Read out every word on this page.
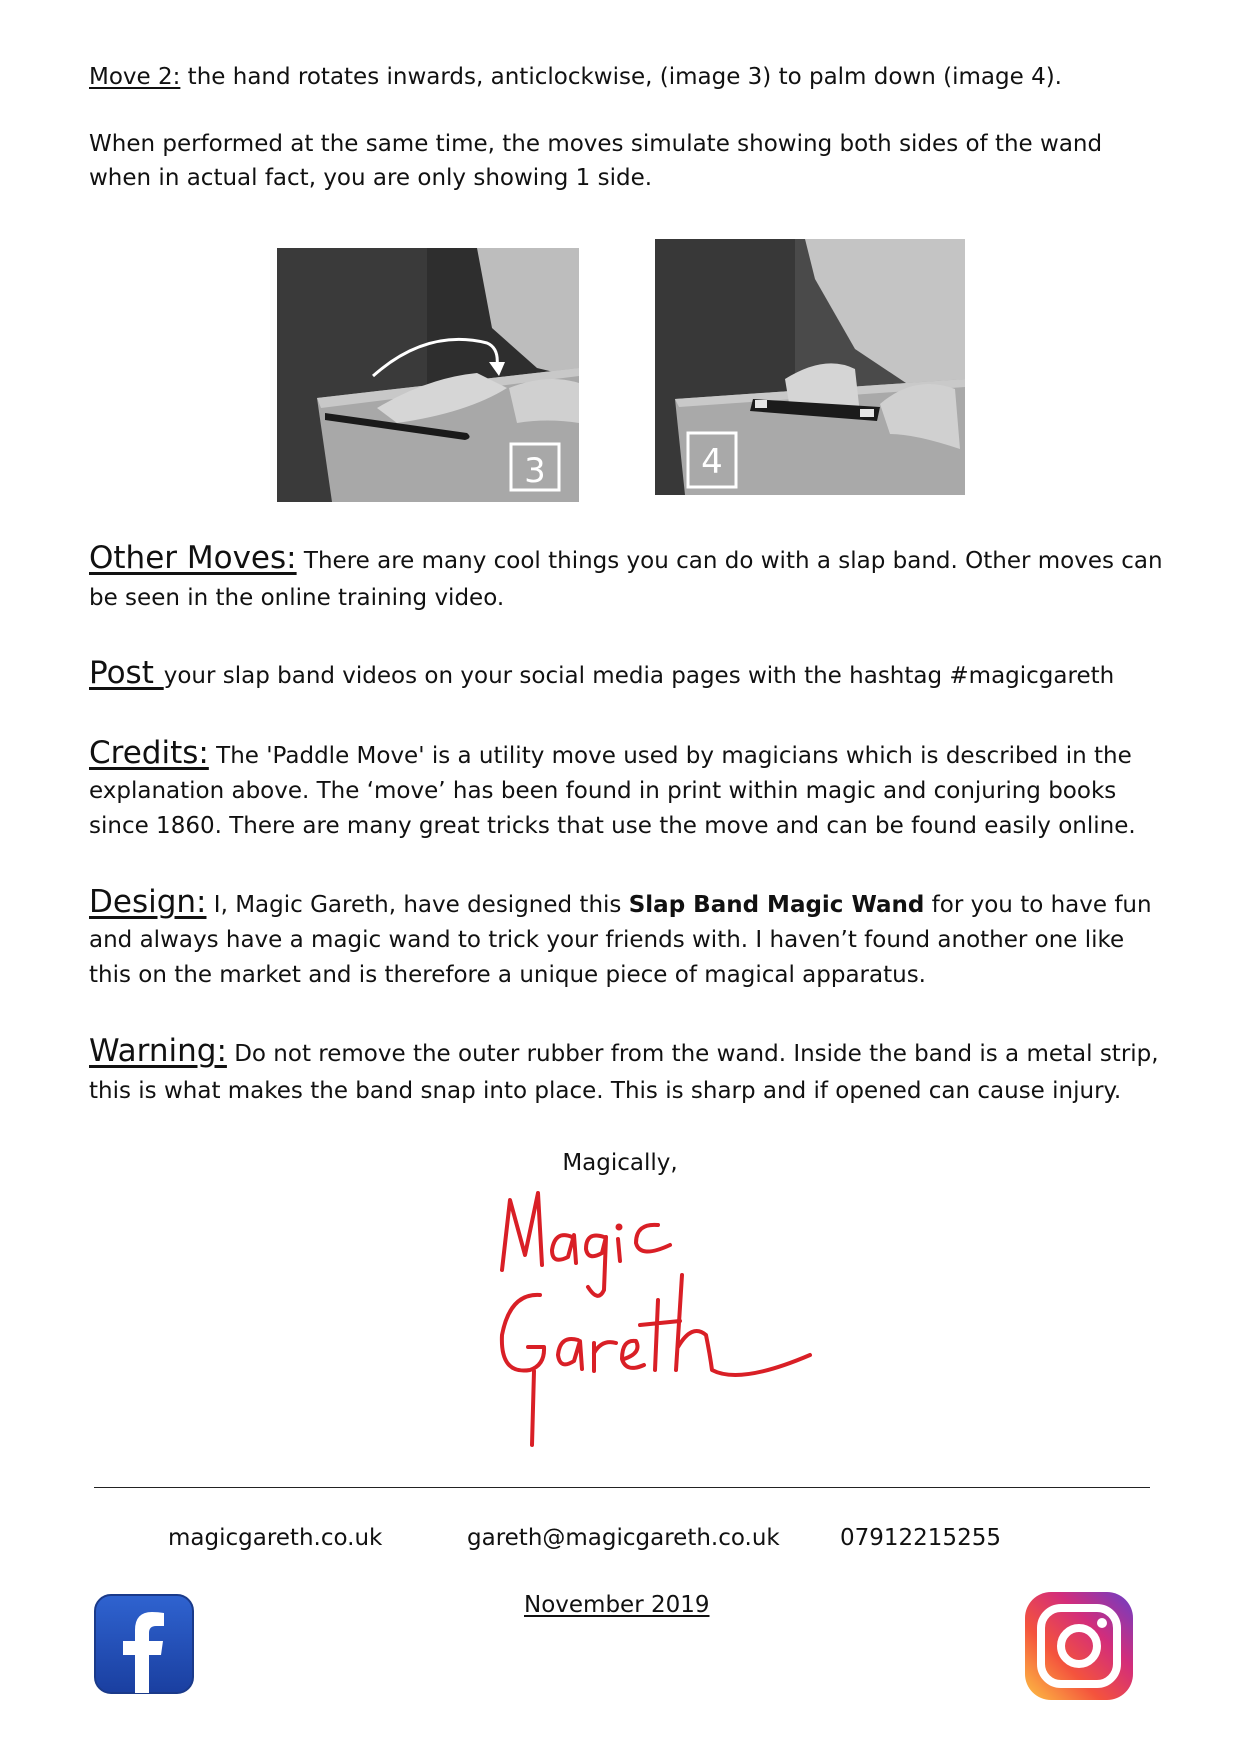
Move 2: the hand rotates inwards, anticlockwise, (image 3) to palm down (image 4).

When performed at the same time, the moves simulate showing both sides of the wand when in actual fact, you are only showing 1 side.

3	4

Other Moves: There are many cool things you can do with a slap band. Other moves can be seen in the online training video.

Post your slap band videos on your social media pages with the hashtag #magicgareth

Credits: The 'Paddle Move' is a utility move used by magicians which is described in the explanation above. The ‘move’ has been found in print within magic and conjuring books since 1860. There are many great tricks that use the move and can be found easily online.

Design: I, Magic Gareth, have designed this Slap Band Magic Wand for you to have fun and always have a magic wand to trick your friends with. I haven’t found another one like this on the market and is therefore a unique piece of magical apparatus.

Warning: Do not remove the outer rubber from the wand. Inside the band is a metal strip, this is what makes the band snap into place. This is sharp and if opened can cause injury.

Magically,
magicgareth.co.uk	gareth@magicgareth.co.uk	07912215255
November 2019
